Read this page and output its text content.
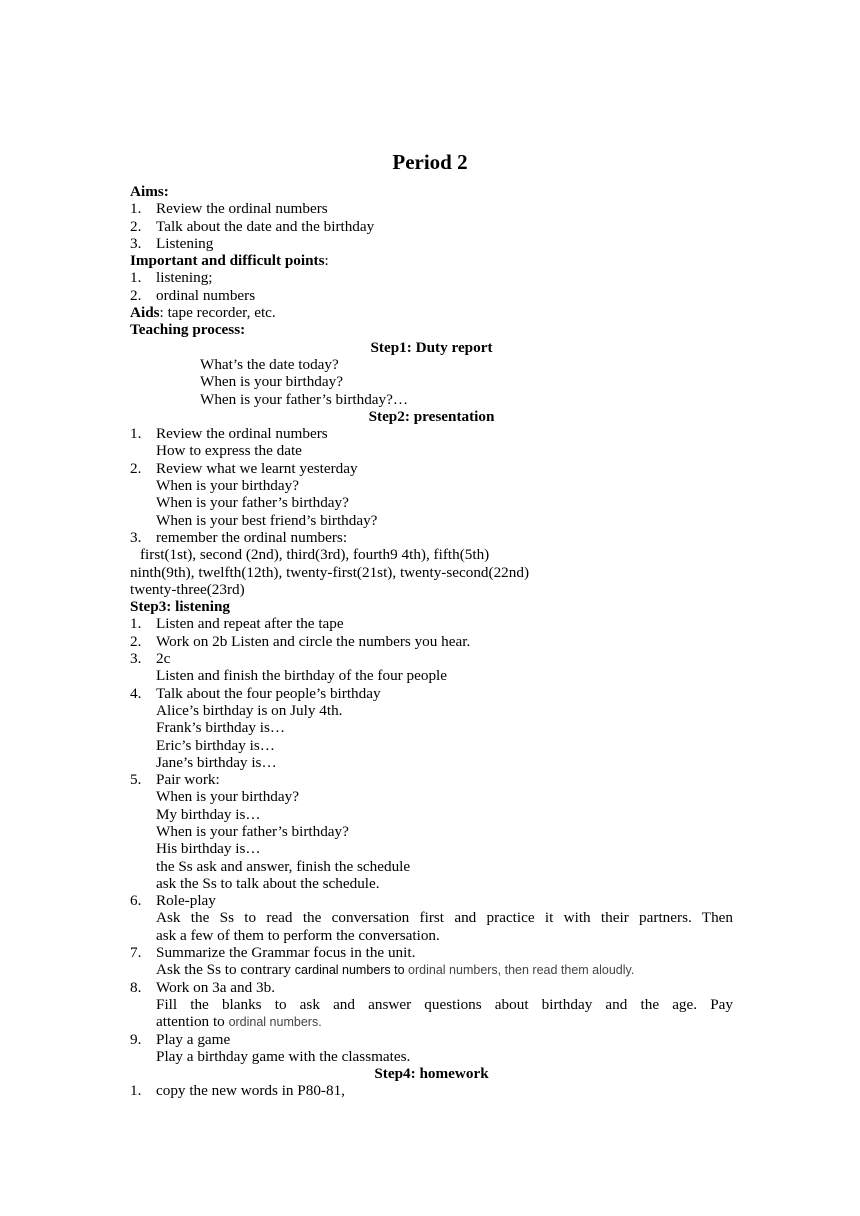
Period 2
Aims:
1. Review the ordinal numbers
2. Talk about the date and the birthday
3. Listening
Important and difficult points:
1. listening;
2. ordinal numbers
Aids: tape recorder, etc.
Teaching process:
Step1: Duty report
What’s the date today?
When is your birthday?
When is your father’s birthday?…
Step2: presentation
1. Review the ordinal numbers
How to express the date
2. Review what we learnt yesterday
When is your birthday?
When is your father’s birthday?
When is your best friend’s birthday?
3. remember the ordinal numbers:
first(1st), second (2nd), third(3rd), fourth9 4th), fifth(5th)
ninth(9th), twelfth(12th), twenty-first(21st), twenty-second(22nd)
twenty-three(23rd)
Step3: listening
1. Listen and repeat after the tape
2. Work on 2b Listen and circle the numbers you hear.
3. 2c
Listen and finish the birthday of the four people
4. Talk about the four people’s birthday
Alice’s birthday is on July 4th.
Frank’s birthday is…
Eric’s birthday is…
Jane’s birthday is…
5. Pair work:
When is your birthday?
My birthday is…
When is your father’s birthday?
His birthday is…
the Ss ask and answer, finish the schedule
ask the Ss to talk about the schedule.
6. Role-play
Ask the Ss to read the conversation first and practice it with their partners. Then
ask a few of them to perform the conversation.
7. Summarize the Grammar focus in the unit.
Ask the Ss to contrary cardinal numbers to ordinal numbers, then read them aloudly.
8. Work on 3a and 3b.
Fill the blanks to ask and answer questions about birthday and the age. Pay
attention to ordinal numbers.
9. Play a game
Play a birthday game with the classmates.
Step4: homework
1. copy the new words in P80-81,
